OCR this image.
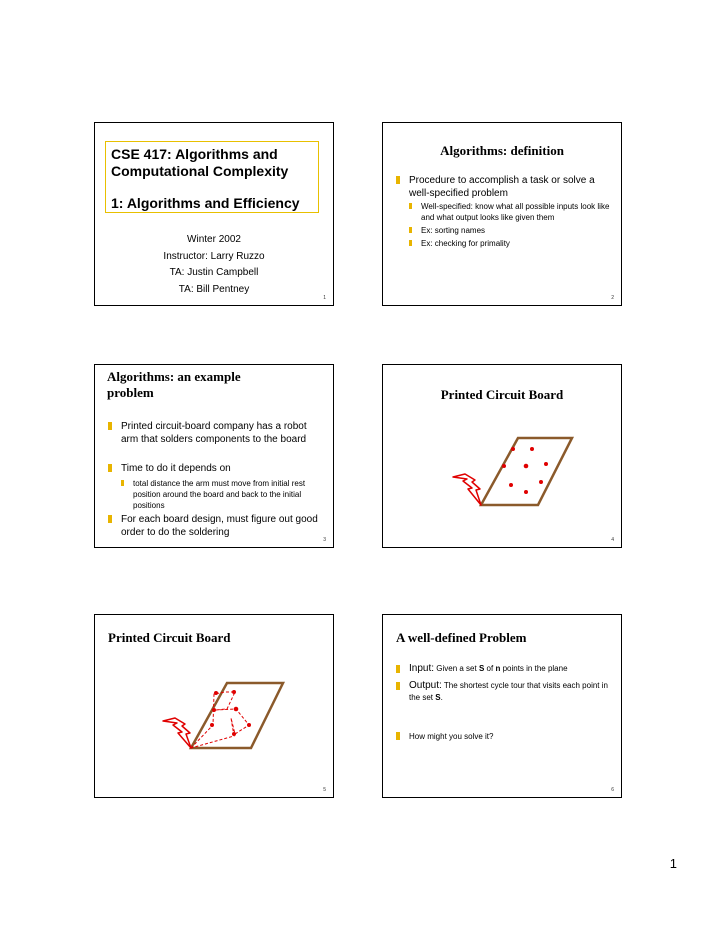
CSE 417: Algorithms and Computational Complexity
1: Algorithms and Efficiency
Winter 2002
Instructor: Larry Ruzzo
TA: Justin Campbell
TA: Bill Pentney
1
Algorithms: definition
Procedure to accomplish a task or solve a well-specified problem
Well-specified: know what all possible inputs look like and what output looks like given them
Ex: sorting names
Ex: checking for primality
2
Algorithms: an example problem
Printed circuit-board company has a robot arm that solders components to the board
Time to do it depends on
total distance the arm must move from initial rest position around the board and back to the initial positions
For each board design, must figure out good order to do the soldering
3
Printed Circuit Board
4
Printed Circuit Board
5
A well-defined Problem
Input: Given a set S of n points in the plane
Output: The shortest cycle tour that visits each point in the set S.
How might you solve it?
6
1
